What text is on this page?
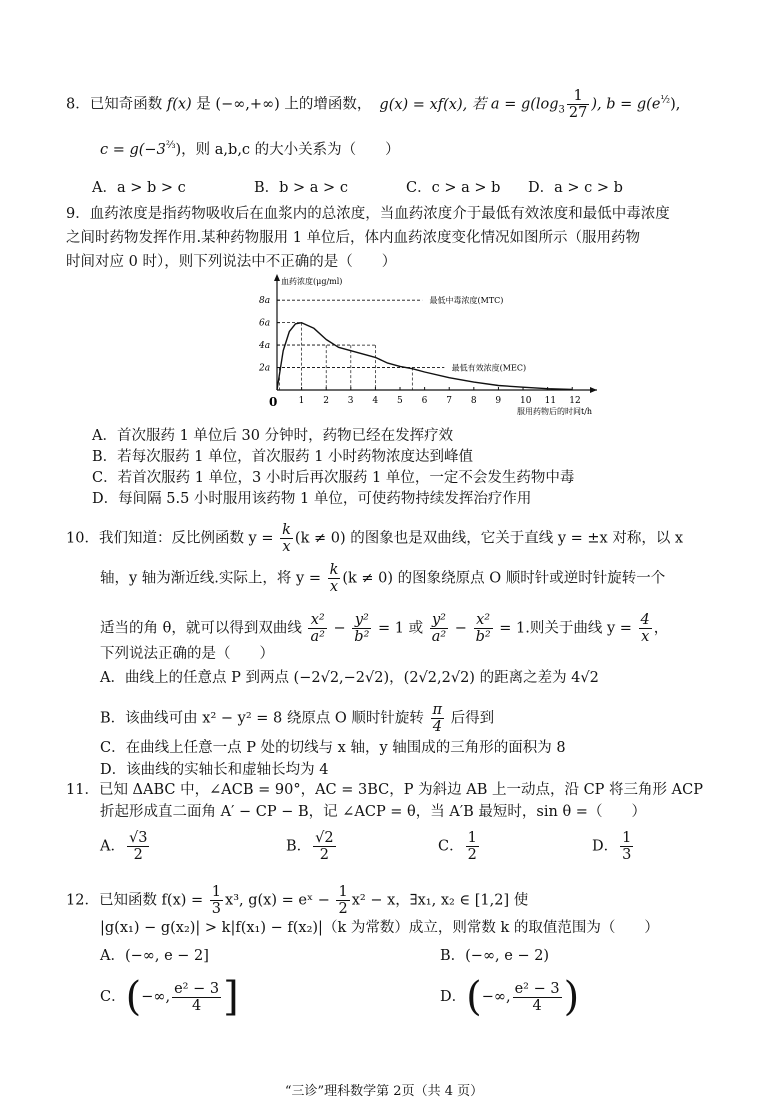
8．已知奇函数 f(x) 是 (−∞,+∞) 上的增函数， g(x) = xf(x), 若 $a = g(\log_3 \frac{1}{27}$ ), $b = g(e^{\frac{1}{2}})$,
$c = g(-3^{\frac{2}{3}})$，则 a,b,c 的大小关系为（　　）
A．a > b > c	B．b > a > c	C．c > a > b D．a > c > b
9．血药浓度是指药物吸收后在血浆内的总浓度，当血药浓度介于最低有效浓度和最低中毒浓度
之间时药物发挥作用.某种药物服用 1 单位后，体内血药浓度变化情况如图所示（服用药物
时间对应 0 时），则下列说法中不正确的是（　　）
血药浓度(μg/ml)
服用药物后的时间t/h
0 1 2 3 4 5 6 7 8 9 10 11 12
2a
4a
6a
8a	最低中毒浓度(MTC)
最低有效浓度(MEC)
A．首次服药 1 单位后 30 分钟时，药物已经在发挥疗效
B．若每次服药 1 单位，首次服药 1 小时药物浓度达到峰值
C．若首次服药 1 单位，3 小时后再次服药 1 单位，一定不会发生药物中毒
D．每间隔 5.5 小时服用该药物 1 单位，可使药物持续发挥治疗作用
10．我们知道：反比例函数 $y = \frac{k}{x} (k \ne 0)$ 的图象也是双曲线，它关于直线 y = ±x 对称，以 x
轴，y 轴为渐近线.实际上，将 $y = \frac{k}{x} (k \ne 0)$ 的图象绕原点 O 顺时针或逆时针旋转一个
适当的角 θ，就可以得到双曲线 $\frac{\text{x²}}{\text{a²}} - \frac{\text{y²}}{\text{b²}} = 1$ 或 $\frac{\text{y²}}{\text{a²}} - \frac{\text{x²}}{\text{b²}} = 1$.则关于曲线 $y = \frac{4}{x}$ ，
下列说法正确的是（　　）
A．曲线上的任意点 P 到两点 (−2√2,−2√2)，(2√2,2√2) 的距离之差为 4√2
B．该曲线可由 x² − y² = 8 绕原点 O 顺时针旋转 $\frac{\pi}{4}$ 后得到
C．在曲线上任意一点 P 处的切线与 x 轴，y 轴围成的三角形的面积为 8
D．该曲线的实轴长和虚轴长均为 4
11．已知 ΔABC 中，∠ACB = 90°，AC = 3BC，P 为斜边 AB 上一动点，沿 CP 将三角形 ACP
折起形成直二面角 A′ − CP − B，记 ∠ACP = θ，当 A′B 最短时，sin θ =（　　）
A． $\frac{√3}{2}$	B． $\frac{√2}{2}$	C． $\frac{1}{2}$	D． $\frac{1}{3}$
12．已知函数 $f(x) = \frac{1}{3} x^3$, g(x) = eˣ − $\frac{1}{2} x^2 - x$，∃x₁, x₂ ∈ [1,2] 使
|g(x₁) − g(x₂)| > k|f(x₁) − f(x₂)|（k 为常数）成立，则常数 k 的取值范围为（　　）
A．(−∞, e − 2]	B．(−∞, e − 2)
C．(−∞, $\frac{\text{e² − 3}}{4}$ ]	D．(−∞, $\frac{\text{e² − 3}}{4}$ )
“三诊”理科数学第 2页（共 4 页）
